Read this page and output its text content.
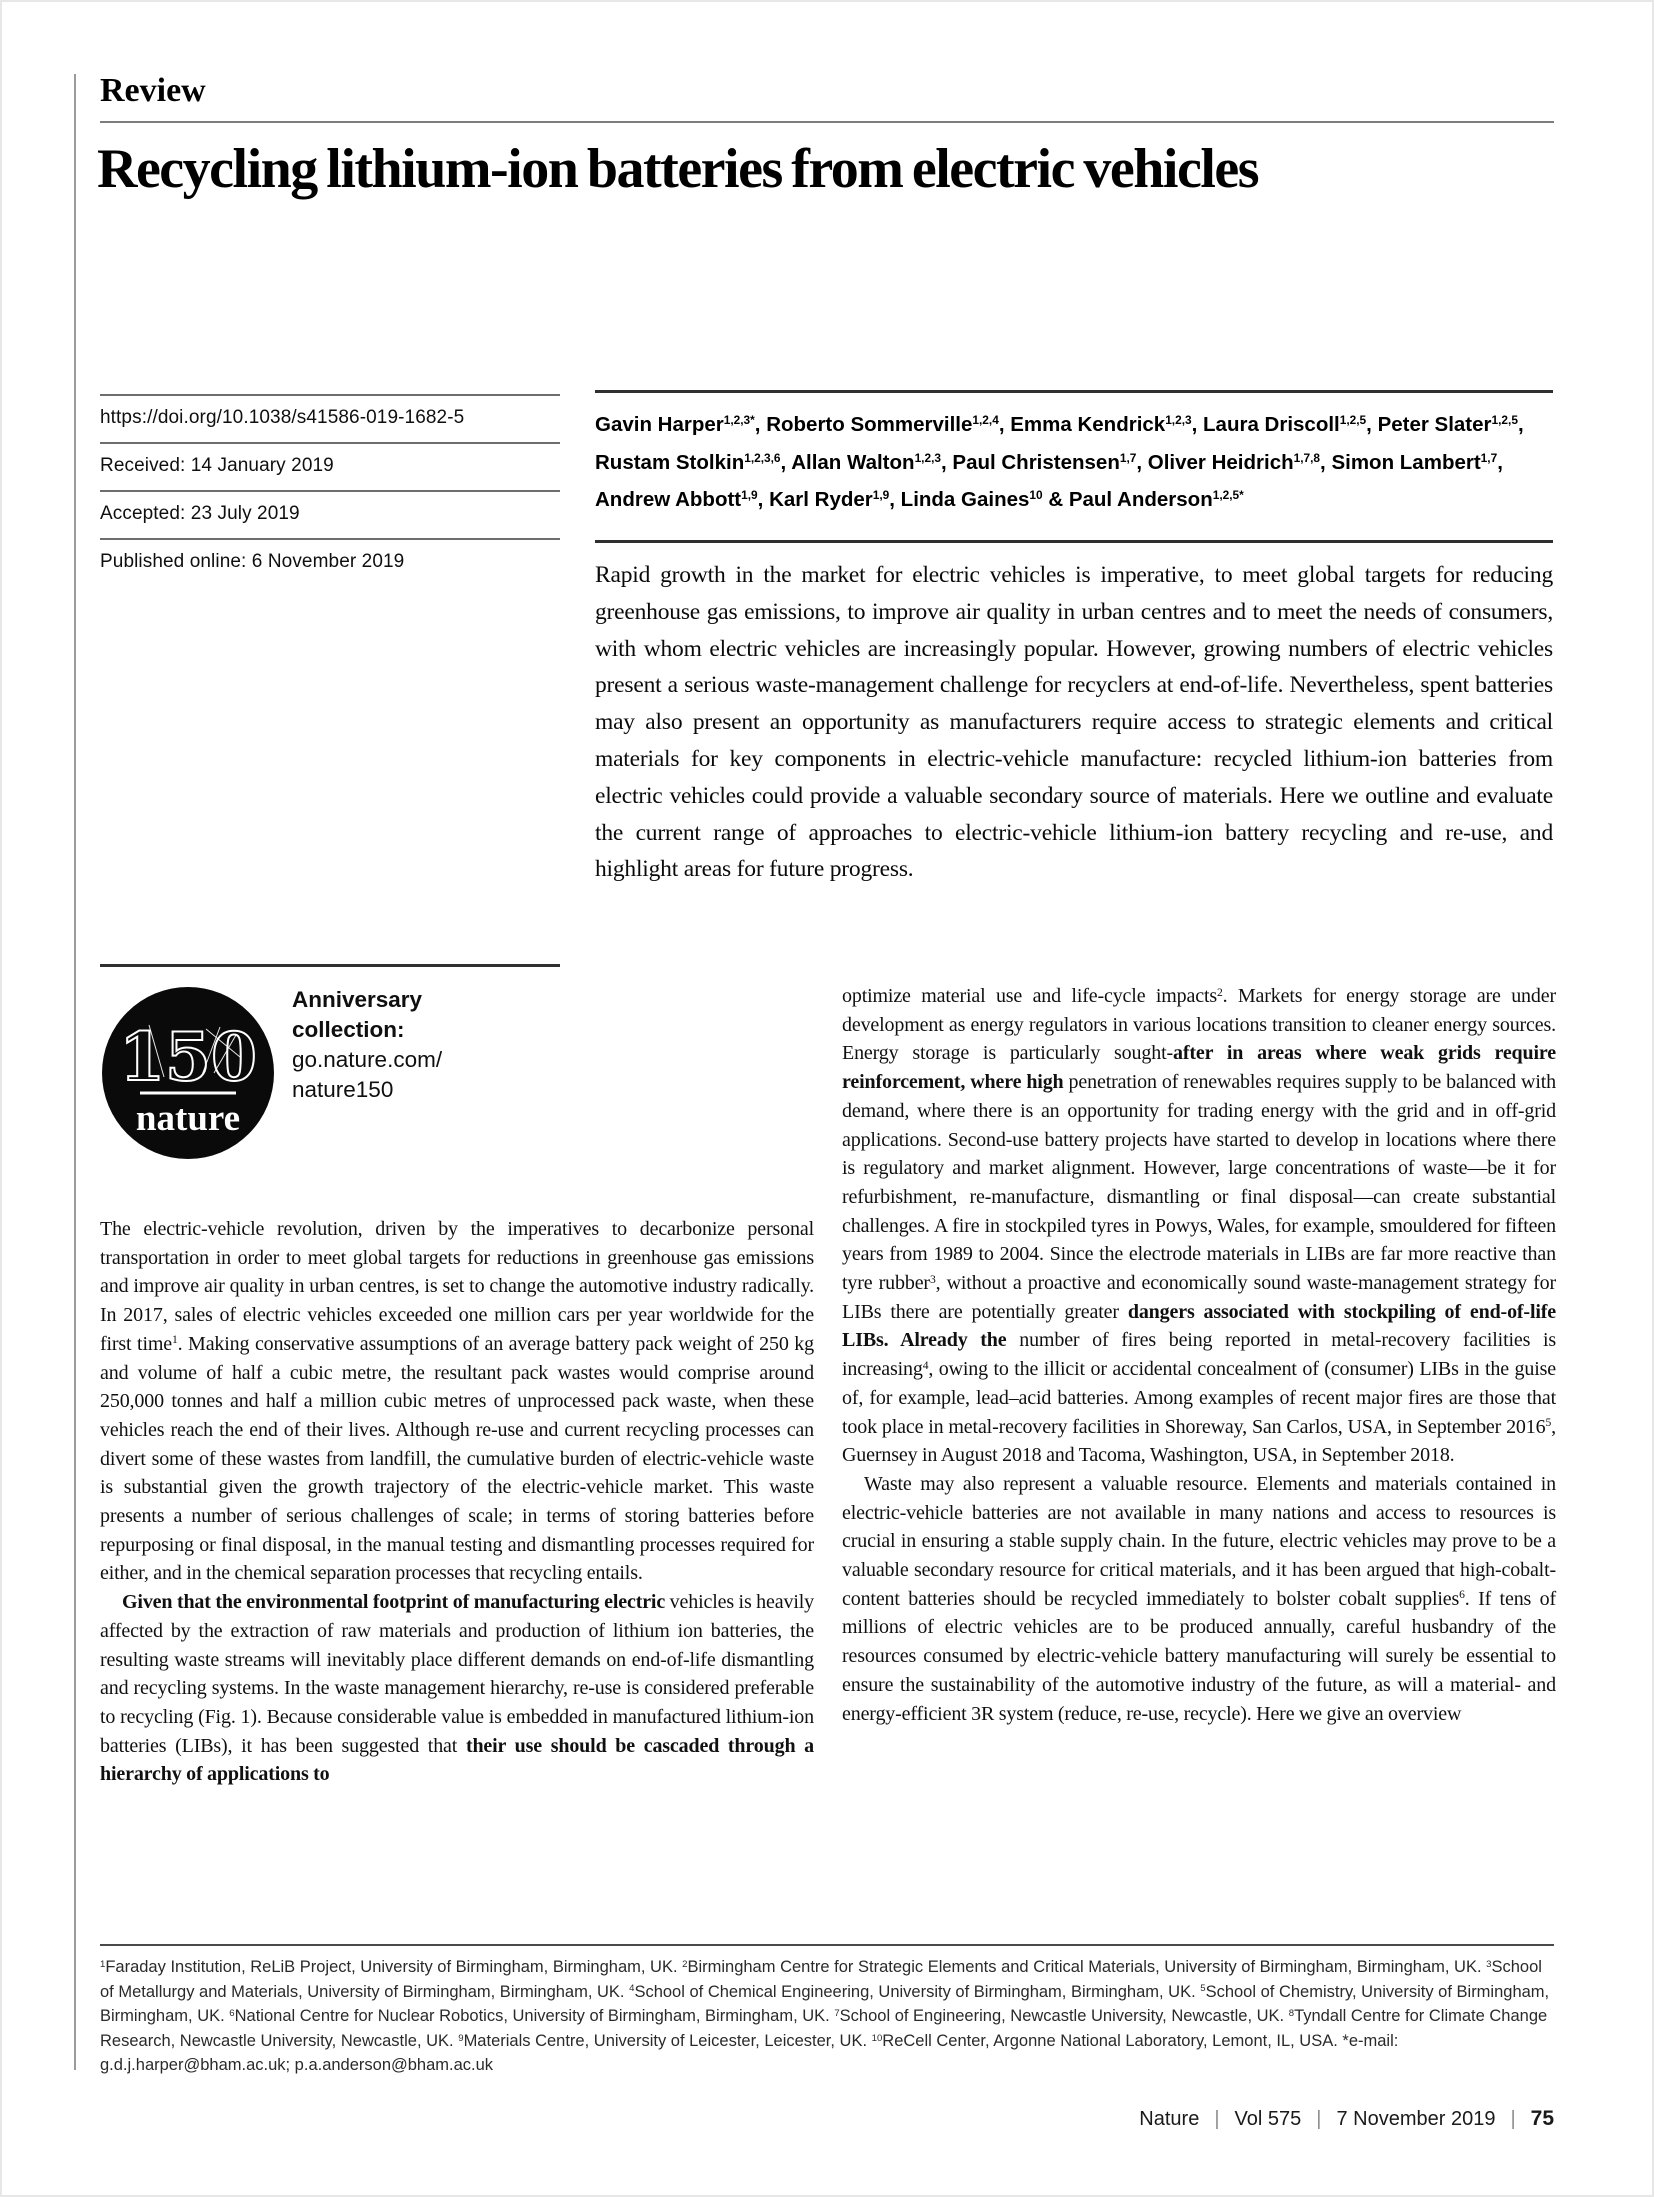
Review
Recycling lithium-ion batteries from electric vehicles
https://doi.org/10.1038/s41586-019-1682-5
Received: 14 January 2019
Accepted: 23 July 2019
Published online: 6 November 2019
Gavin Harper$^{1,2,3*}$, Roberto Sommerville$^{1,2,4}$, Emma Kendrick$^{1,2,3}$, Laura Driscoll$^{1,2,5}$, Peter Slater$^{1,2,5}$, Rustam Stolkin$^{1,2,3,6}$, Allan Walton$^{1,2,3}$, Paul Christensen$^{1,7}$, Oliver Heidrich$^{1,7,8}$, Simon Lambert$^{1,7}$, Andrew Abbott$^{1,9}$, Karl Ryder$^{1,9}$, Linda Gaines$^{10}$ & Paul Anderson$^{1,2,5*}$
Rapid growth in the market for electric vehicles is imperative, to meet global targets for reducing greenhouse gas emissions, to improve air quality in urban centres and to meet the needs of consumers, with whom electric vehicles are increasingly popular. However, growing numbers of electric vehicles present a serious waste-management challenge for recyclers at end-of-life. Nevertheless, spent batteries may also present an opportunity as manufacturers require access to strategic elements and critical materials for key components in electric-vehicle manufacture: recycled lithium-ion batteries from electric vehicles could provide a valuable secondary source of materials. Here we outline and evaluate the current range of approaches to electric-vehicle lithium-ion battery recycling and re-use, and highlight areas for future progress.
150
nature
Anniversary collection:
go.nature.com/
nature150

The electric-vehicle revolution, driven by the imperatives to decarbonize personal transportation in order to meet global targets for reductions in greenhouse gas emissions and improve air quality in urban centres, is set to change the automotive industry radically. In 2017, sales of electric vehicles exceeded one million cars per year worldwide for the first time$^1$. Making conservative assumptions of an average battery pack weight of 250 kg and volume of half a cubic metre, the resultant pack wastes would comprise around 250,000 tonnes and half a million cubic metres of unprocessed pack waste, when these vehicles reach the end of their lives. Although re-use and current recycling processes can divert some of these wastes from landfill, the cumulative burden of electric-vehicle waste is substantial given the growth trajectory of the electric-vehicle market. This waste presents a number of serious challenges of scale; in terms of storing batteries before repurposing or final disposal, in the manual testing and dismantling processes required for either, and in the chemical separation processes that recycling entails.

Given that the environmental footprint of manufacturing electric vehicles is heavily affected by the extraction of raw materials and production of lithium ion batteries, the resulting waste streams will inevitably place different demands on end-of-life dismantling and recycling systems. In the waste management hierarchy, re-use is considered preferable to recycling (Fig. 1). Because considerable value is embedded in manufactured lithium-ion batteries (LIBs), it has been suggested that their use should be cascaded through a hierarchy of applications to

optimize material use and life-cycle impacts$^2$. Markets for energy storage are under development as energy regulators in various locations transition to cleaner energy sources. Energy storage is particularly sought-after in areas where weak grids require reinforcement, where high penetration of renewables requires supply to be balanced with demand, where there is an opportunity for trading energy with the grid and in off-grid applications. Second-use battery projects have started to develop in locations where there is regulatory and market alignment. However, large concentrations of waste—be it for refurbishment, re-manufacture, dismantling or final disposal—can create substantial challenges. A fire in stockpiled tyres in Powys, Wales, for example, smouldered for fifteen years from 1989 to 2004. Since the electrode materials in LIBs are far more reactive than tyre rubber$^3$, without a proactive and economically sound waste-management strategy for LIBs there are potentially greater dangers associated with stockpiling of end-of-life LIBs. Already the number of fires being reported in metal-recovery facilities is increasing$^4$, owing to the illicit or accidental concealment of (consumer) LIBs in the guise of, for example, lead–acid batteries. Among examples of recent major fires are those that took place in metal-recovery facilities in Shoreway, San Carlos, USA, in September 2016$^5$, Guernsey in August 2018 and Tacoma, Washington, USA, in September 2018.

Waste may also represent a valuable resource. Elements and materials contained in electric-vehicle batteries are not available in many nations and access to resources is crucial in ensuring a stable supply chain. In the future, electric vehicles may prove to be a valuable secondary resource for critical materials, and it has been argued that high-cobalt-content batteries should be recycled immediately to bolster cobalt supplies$^6$. If tens of millions of electric vehicles are to be produced annually, careful husbandry of the resources consumed by electric-vehicle battery manufacturing will surely be essential to ensure the sustainability of the automotive industry of the future, as will a material- and energy-efficient 3R system (reduce, re-use, recycle). Here we give an overview

$^1$Faraday Institution, ReLiB Project, University of Birmingham, Birmingham, UK. $^2$Birmingham Centre for Strategic Elements and Critical Materials, University of Birmingham, Birmingham, UK. $^3$School of Metallurgy and Materials, University of Birmingham, Birmingham, UK. $^4$School of Chemical Engineering, University of Birmingham, Birmingham, UK. $^5$School of Chemistry, University of Birmingham, Birmingham, UK. $^6$National Centre for Nuclear Robotics, University of Birmingham, Birmingham, UK. $^7$School of Engineering, Newcastle University, Newcastle, UK. $^8$Tyndall Centre for Climate Change Research, Newcastle University, Newcastle, UK. $^9$Materials Centre, University of Leicester, Leicester, UK. $^{10}$ReCell Center, Argonne National Laboratory, Lemont, IL, USA. *e-mail: g.d.j.harper@bham.ac.uk; p.a.anderson@bham.ac.uk
Nature | Vol 575 | 7 November 2019 | 75
